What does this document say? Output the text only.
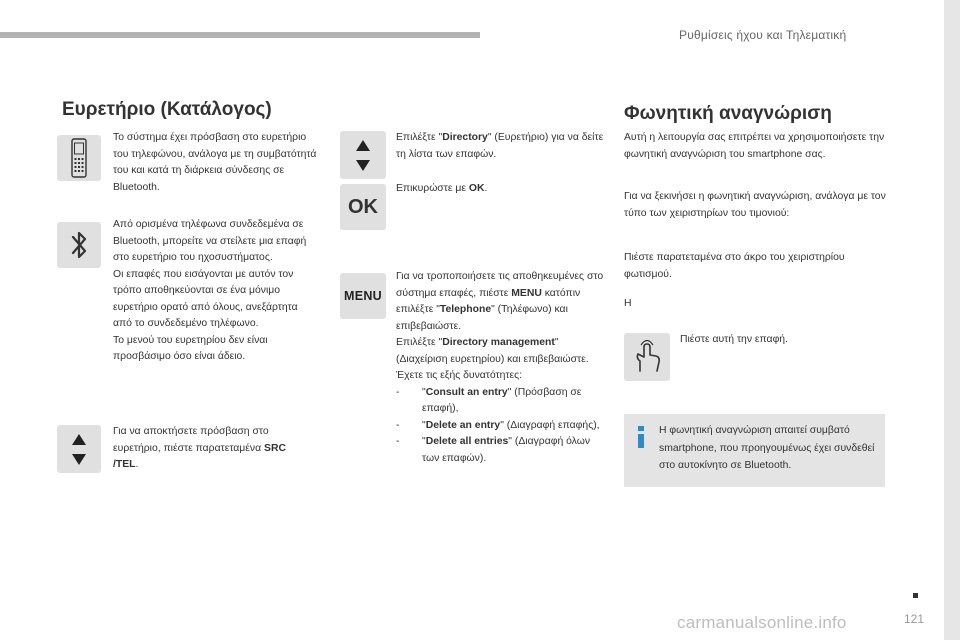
Ρυθμίσεις ήχου και Τηλεματική
Ευρετήριο (Κατάλογος)

Το σύστημα έχει πρόσβαση στο ευρετήριο του τηλεφώνου, ανάλογα με τη συμβατότητά του και κατά τη διάρκεια σύνδεσης σε Bluetooth.

Από ορισμένα τηλέφωνα συνδεδεμένα σε Bluetooth, μπορείτε να στείλετε μια επαφή στο ευρετήριο του ηχοσυστήματος.

Οι επαφές που εισάγονται με αυτόν τον τρόπο αποθηκεύονται σε ένα μόνιμο ευρετήριο ορατό από όλους, ανεξάρτητα από το συνδεδεμένο τηλέφωνο.

Το μενού του ευρετηρίου δεν είναι προσβάσιμο όσο είναι άδειο.

Για να αποκτήσετε πρόσβαση στο ευρετήριο, πιέστε παρατεταμένα SRC /TEL.

Επιλέξτε "Directory" (Ευρετήριο) για να δείτε τη λίστα των επαφών.

OK

Επικυρώστε με OK.

MENU

Για να τροποποιήσετε τις αποθηκευμένες στο σύστημα επαφές, πιέστε MENU κατόπιν επιλέξτε "Telephone" (Τηλέφωνο) και επιβεβαιώστε.

Επιλέξτε "Directory management" (Διαχείριση ευρετηρίου) και επιβεβαιώστε.

Έχετε τις εξής δυνατότητες:

- "Consult an entry" (Πρόσβαση σε επαφή),
- "Delete an entry" (Διαγραφή επαφής),
- "Delete all entries" (Διαγραφή όλων των επαφών).
Φωνητική αναγνώριση

Αυτή η λειτουργία σας επιτρέπει να χρησιμοποιήσετε την φωνητική αναγνώριση του smartphone σας.

Για να ξεκινήσει η φωνητική αναγνώριση, ανάλογα με τον τύπο των χειριστηρίων του τιμονιού:

Πιέστε παρατεταμένα στο άκρο του χειριστηρίου φωτισμού.

Η
Πιέστε αυτή την επαφή.
Η φωνητική αναγνώριση απαιτεί συμβατό smartphone, που προηγουμένως έχει συνδεθεί στο αυτοκίνητο σε Bluetooth.
carmanualsonline.info	121
